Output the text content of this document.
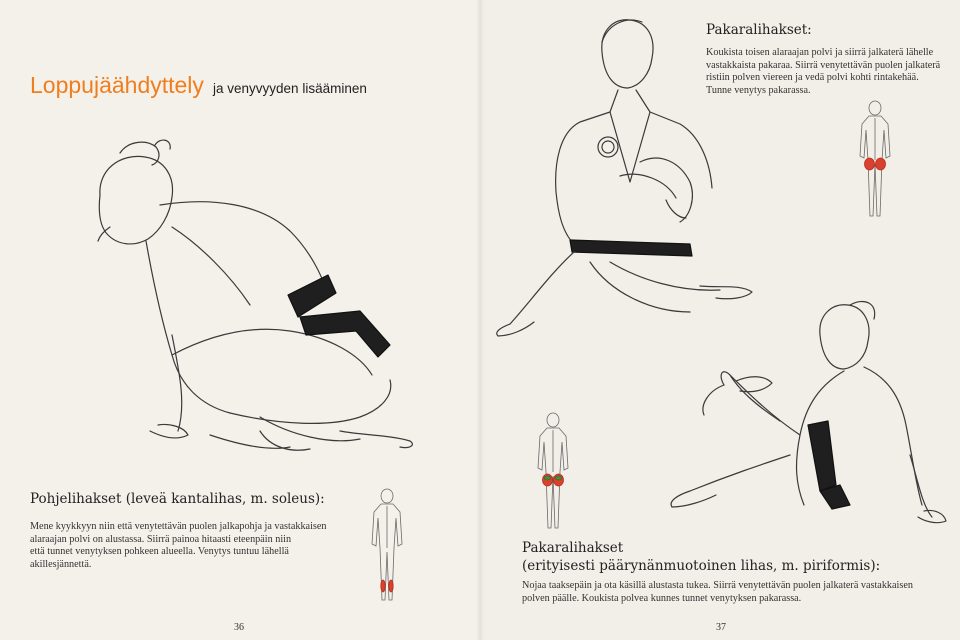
Loppujäähdyttely ja venyvyyden lisääminen
Pohjelihakset (leveä kantalihas, m. soleus):
Mene kyykkyyn niin että venytettävän puolen jalkapohja ja vastakkaisen
alaraajan polvi on alustassa. Siirrä painoa hitaasti eteenpäin niin
että tunnet venytyksen pohkeen alueella. Venytys tuntuu lähellä
akillesjännettä.
36
Pakaralihakset:
Koukista toisen alaraajan polvi ja siirrä jalkaterä lähelle
vastakkaista pakaraa. Siirrä venytettävän puolen jalkaterä
ristiin polven viereen ja vedä polvi kohti rintakehää.
Tunne venytys pakarassa.
Pakaralihakset
(erityisesti päärynänmuotoinen lihas, m. piriformis):
Nojaa taaksepäin ja ota käsillä alustasta tukea. Siirrä venytettävän puolen jalkaterä vastakkaisen
polven päälle. Koukista polvea kunnes tunnet venytyksen pakarassa.
37
